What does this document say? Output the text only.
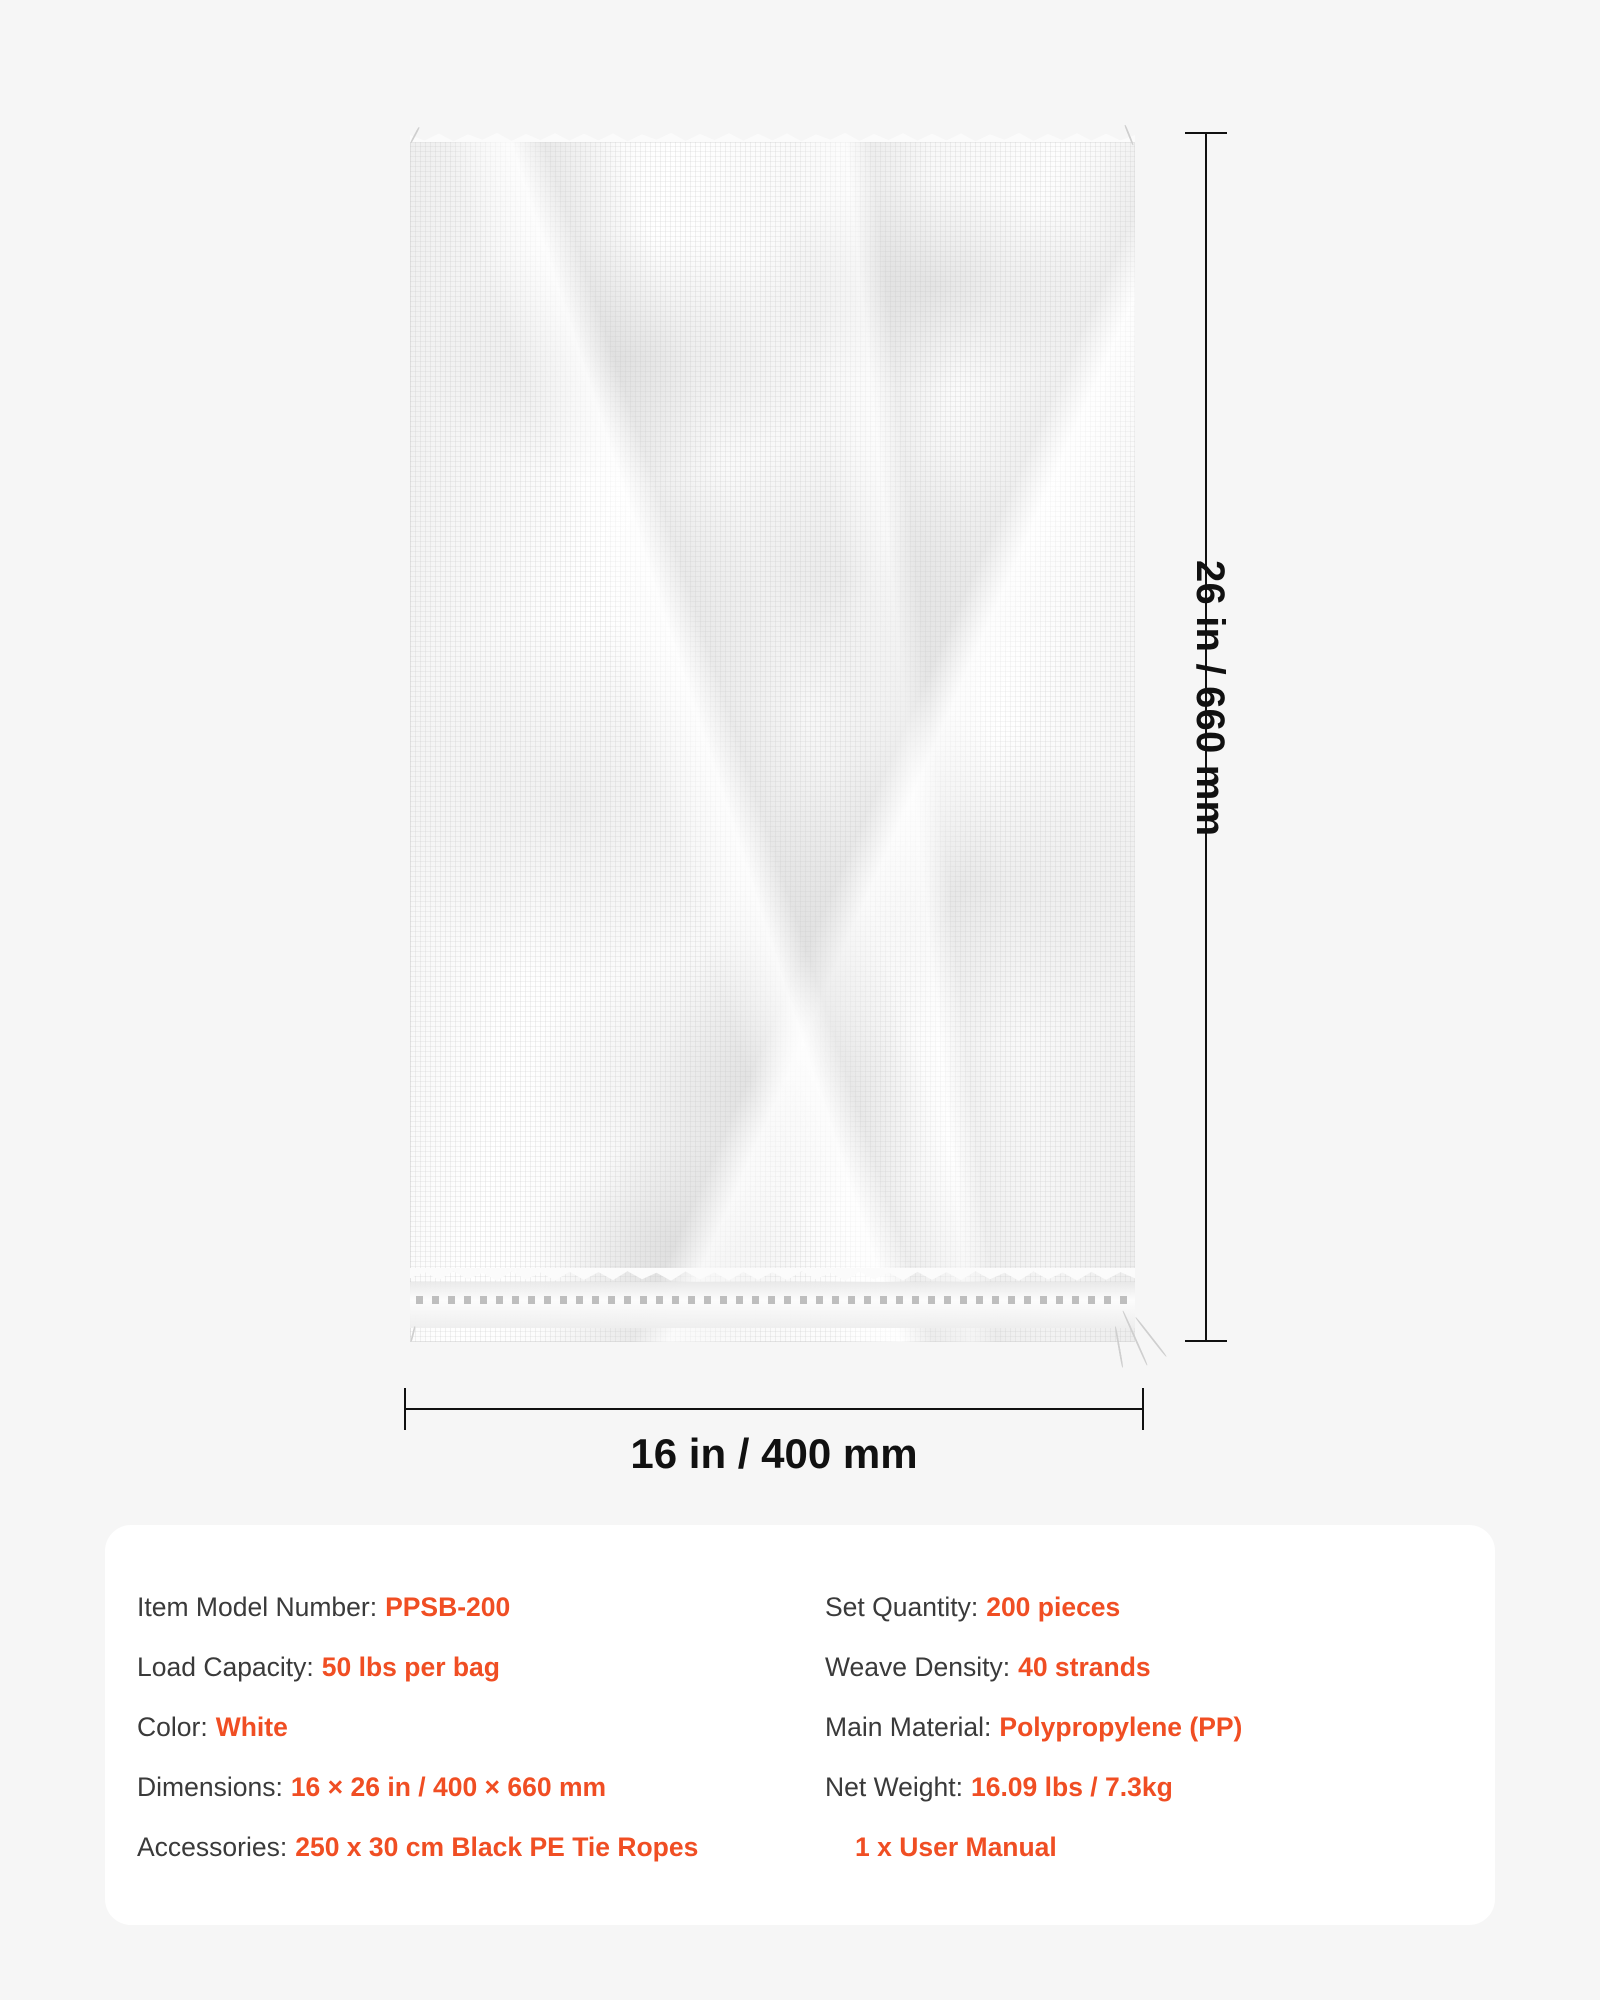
26 in / 660 mm
16 in / 400 mm
Item Model Number: PPSB-200
Load Capacity: 50 lbs per bag
Color: White
Dimensions: 16 × 26 in / 400 × 660 mm
Accessories: 250 x 30 cm Black PE Tie Ropes
Set Quantity: 200 pieces
Weave Density: 40 strands
Main Material: Polypropylene (PP)
Net Weight: 16.09 lbs / 7.3kg
1 x User Manual
